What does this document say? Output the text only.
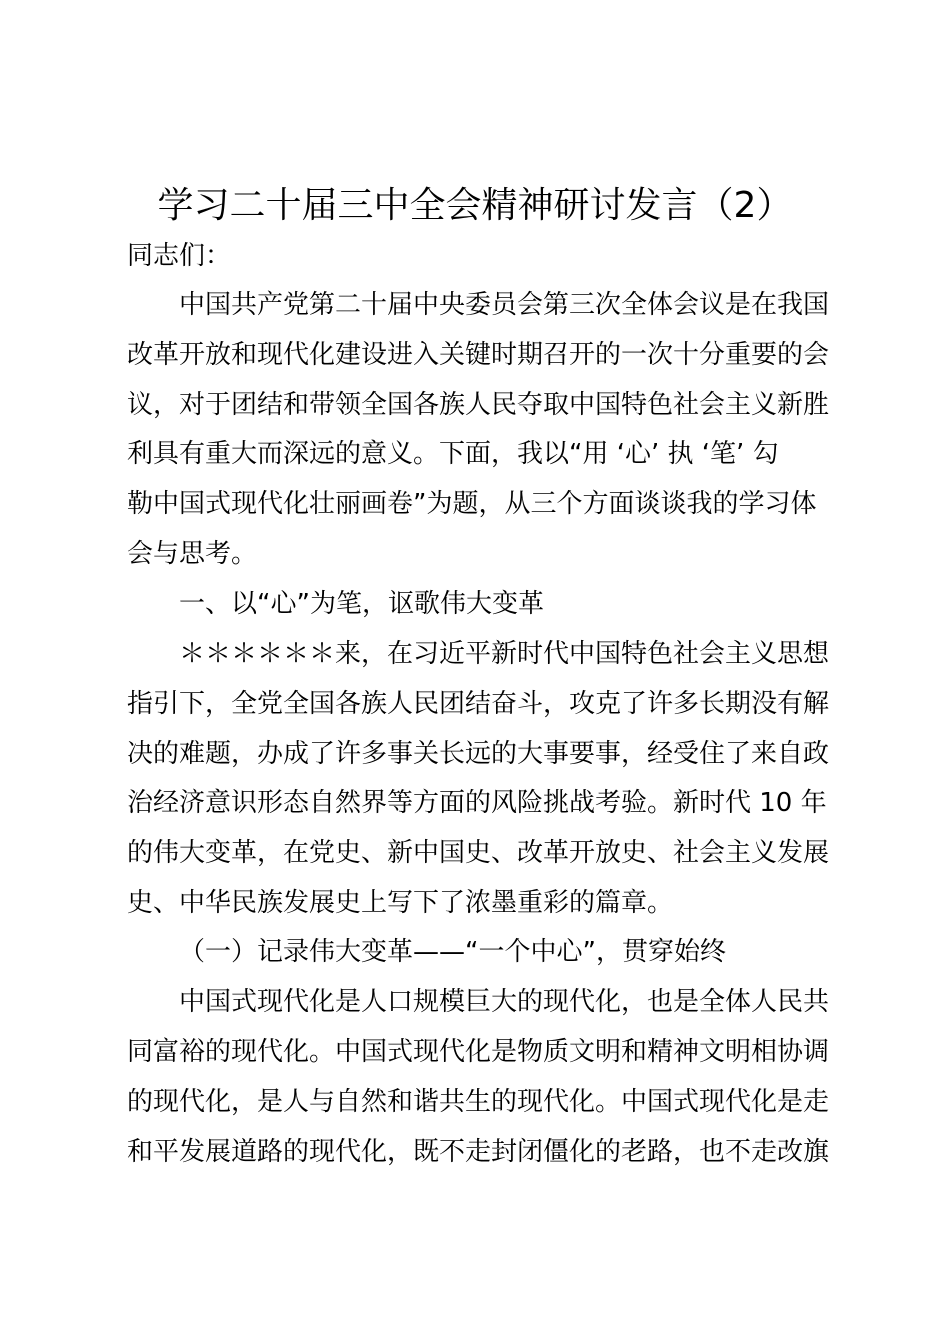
学习二十届三中全会精神研讨发言（2）
同志们：
中国共产党第二十届中央委员会第三次全体会议是在我国
改革开放和现代化建设进入关键时期召开的一次十分重要的会
议，对于团结和带领全国各族人民夺取中国特色社会主义新胜
利具有重大而深远的意义。下面，我以“用 ‘心’ 执 ‘笔’ 勾
勒中国式现代化壮丽画卷”为题，从三个方面谈谈我的学习体
会与思考。
一、以“心”为笔，讴歌伟大变革
＊＊＊＊＊＊来，在习近平新时代中国特色社会主义思想
指引下，全党全国各族人民团结奋斗，攻克了许多长期没有解
决的难题，办成了许多事关长远的大事要事，经受住了来自政
治经济意识形态自然界等方面的风险挑战考验。新时代 10 年
的伟大变革，在党史、新中国史、改革开放史、社会主义发展
史、中华民族发展史上写下了浓墨重彩的篇章。
（一）记录伟大变革——“一个中心”，贯穿始终
中国式现代化是人口规模巨大的现代化，也是全体人民共
同富裕的现代化。中国式现代化是物质文明和精神文明相协调
的现代化，是人与自然和谐共生的现代化。中国式现代化是走
和平发展道路的现代化，既不走封闭僵化的老路，也不走改旗
